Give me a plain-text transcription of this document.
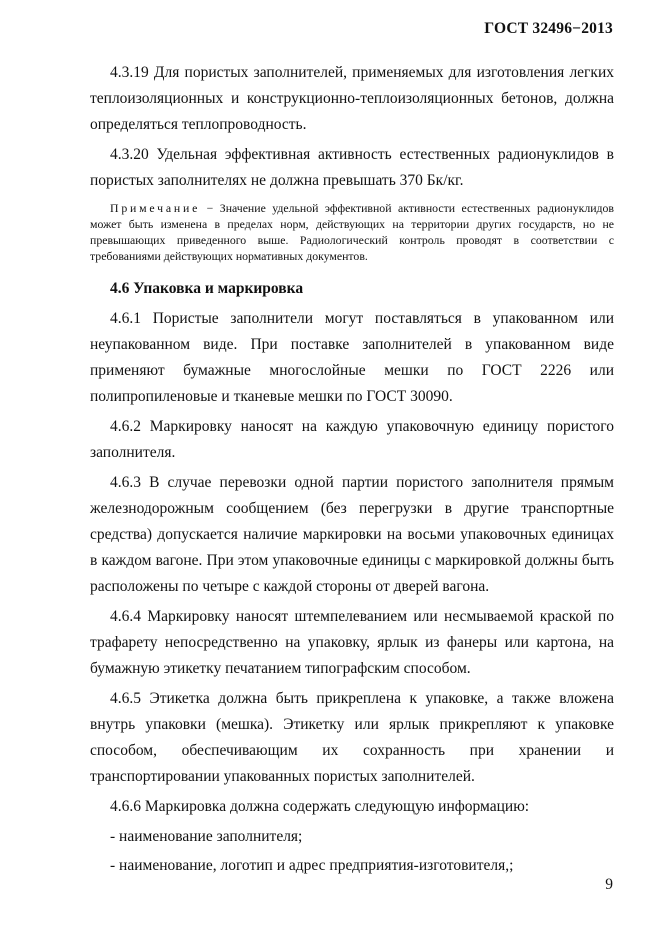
ГОСТ 32496−2013

4.3.19 Для пористых заполнителей, применяемых для изготовления легких теплоизоляционных и конструкционно-теплоизоляционных бетонов, должна определяться теплопроводность.

4.3.20 Удельная эффективная активность естественных радионуклидов в пористых заполнителях не должна превышать 370 Бк/кг.

Примечание − Значение удельной эффективной активности естественных радионуклидов может быть изменена в пределах норм, действующих на территории других государств, но не превышающих приведенного выше. Радиологический контроль проводят в соответствии с требованиями действующих нормативных документов.

4.6 Упаковка и маркировка

4.6.1 Пористые заполнители могут поставляться в упакованном или неупакованном виде. При поставке заполнителей в упакованном виде применяют бумажные многослойные мешки по ГОСТ 2226 или полипропиленовые и тканевые мешки по ГОСТ 30090.

4.6.2 Маркировку наносят на каждую упаковочную единицу пористого заполнителя.

4.6.3 В случае перевозки одной партии пористого заполнителя прямым железнодорожным сообщением (без перегрузки в другие транспортные средства) допускается наличие маркировки на восьми упаковочных единицах в каждом вагоне. При этом упаковочные единицы с маркировкой должны быть расположены по четыре с каждой стороны от дверей вагона.

4.6.4 Маркировку наносят штемпелеванием или несмываемой краской по трафарету непосредственно на упаковку, ярлык из фанеры или картона, на бумажную этикетку печатанием типографским способом.

4.6.5 Этикетка должна быть прикреплена к упаковке, а также вложена внутрь упаковки (мешка). Этикетку или ярлык прикрепляют к упаковке способом, обеспечивающим их сохранность при хранении и транспортировании упакованных пористых заполнителей.

4.6.6 Маркировка должна содержать следующую информацию:

- наименование заполнителя;

- наименование, логотип и адрес предприятия-изготовителя,;

9
